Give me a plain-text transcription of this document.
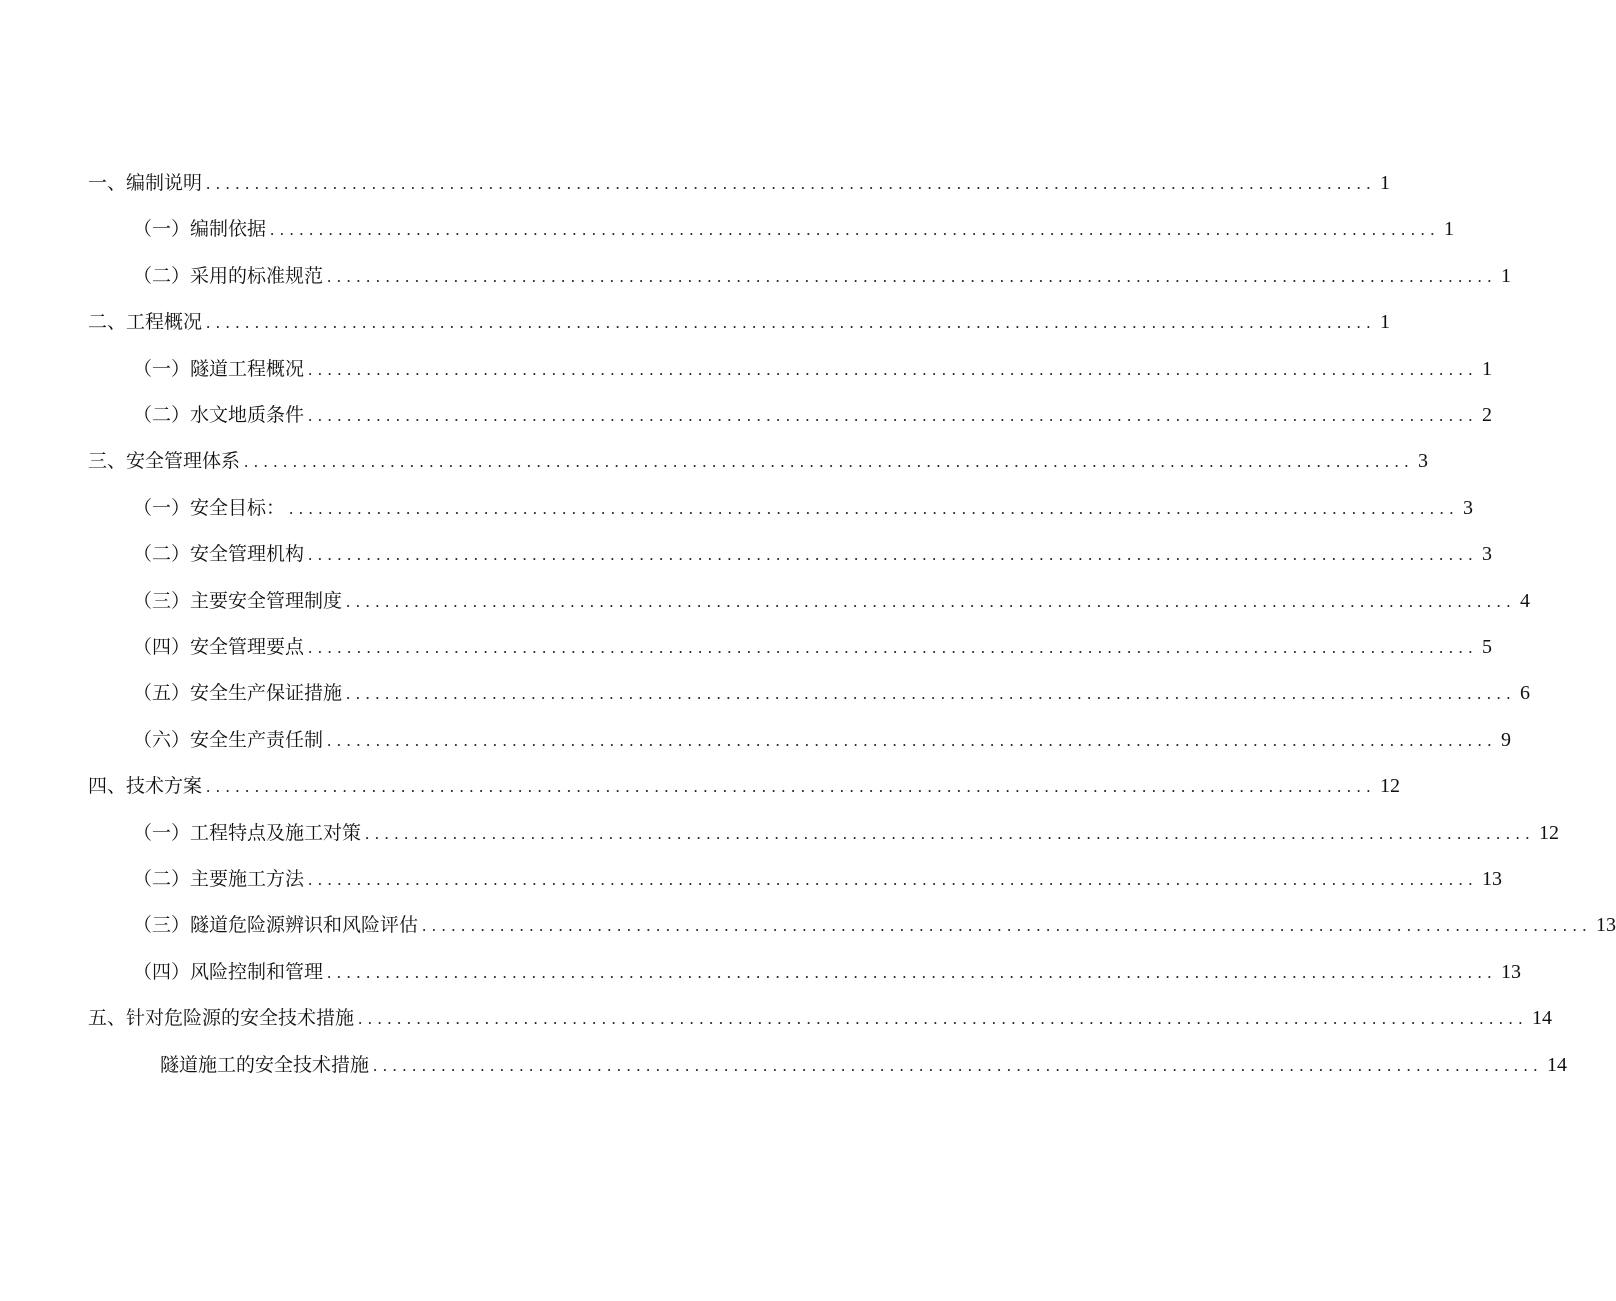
一、编制说明 ........................................................................................................................ 1
（一）编制依据 ........................................................................................................................ 1
（二）采用的标准规范 ........................................................................................................................ 1
二、工程概况 ........................................................................................................................ 1
（一）隧道工程概况 ........................................................................................................................ 1
（二）水文地质条件 ........................................................................................................................ 2
三、安全管理体系 ........................................................................................................................ 3
（一）安全目标： ........................................................................................................................ 3
（二）安全管理机构 ........................................................................................................................ 3
（三）主要安全管理制度 ........................................................................................................................ 4
（四）安全管理要点 ........................................................................................................................ 5
（五）安全生产保证措施 ........................................................................................................................ 6
（六）安全生产责任制 ........................................................................................................................ 9
四、技术方案 ........................................................................................................................ 12
（一）工程特点及施工对策 ........................................................................................................................ 12
（二）主要施工方法 ........................................................................................................................ 13
（三）隧道危险源辨识和风险评估 ........................................................................................................................ 13
（四）风险控制和管理 ........................................................................................................................ 13
五、针对危险源的安全技术措施 ........................................................................................................................ 14
隧道施工的安全技术措施 ........................................................................................................................ 14
